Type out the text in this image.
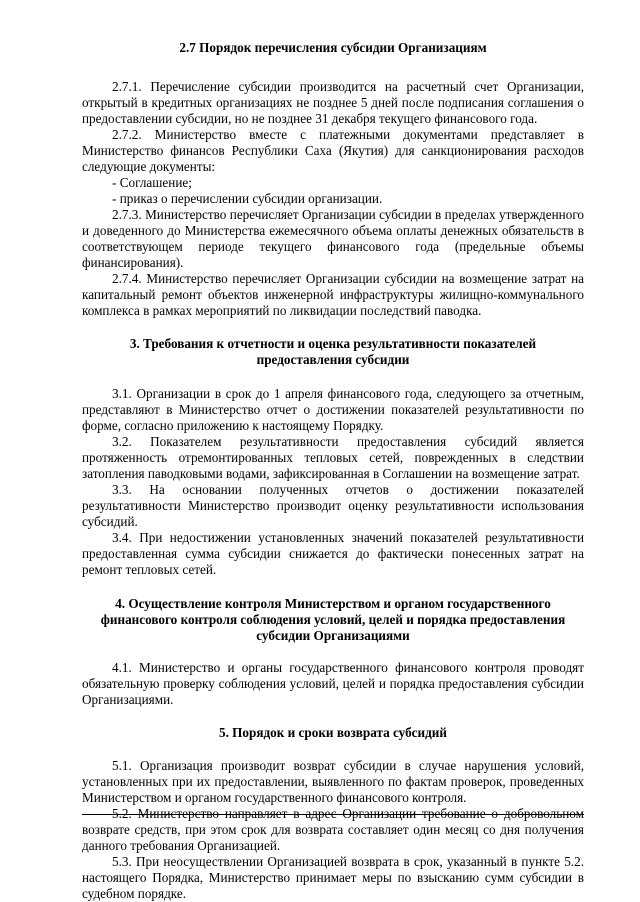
2.7 Порядок перечисления субсидии Организациям

2.7.1. Перечисление субсидии производится на расчетный счет Организации, открытый в кредитных организациях не позднее 5 дней после подписания соглашения о предоставлении субсидии, но не позднее 31 декабря текущего финансового года.

2.7.2. Министерство вместе с платежными документами представляет в Министерство финансов Республики Саха (Якутия) для санкционирования расходов следующие документы:

- Соглашение;

- приказ о перечислении субсидии организации.

2.7.3. Министерство перечисляет Организации субсидии в пределах утвержденного и доведенного до Министерства ежемесячного объема оплаты денежных обязательств в соответствующем периоде текущего финансового года (предельные объемы финансирования).

2.7.4. Министерство перечисляет Организации субсидии на возмещение затрат на капитальный ремонт объектов инженерной инфраструктуры жилищно-коммунального комплекса в рамках мероприятий по ликвидации последствий паводка.

3. Требования к отчетности и оценка результативности показателей
предоставления субсидии

3.1. Организации в срок до 1 апреля финансового года, следующего за отчетным, представляют в Министерство отчет о достижении показателей результативности по форме, согласно приложению к настоящему Порядку.

3.2. Показателем результативности предоставления субсидий является протяженность отремонтированных тепловых сетей, поврежденных в следствии затопления паводковыми водами, зафиксированная в Соглашении на возмещение затрат.

3.3. На основании полученных отчетов о достижении показателей результативности Министерство производит оценку результативности использования субсидий.

3.4. При недостижении установленных значений показателей результативности предоставленная сумма субсидии снижается до фактически понесенных затрат на ремонт тепловых сетей.

4. Осуществление контроля Министерством и органом государственного
финансового контроля соблюдения условий, целей и порядка предоставления
субсидии Организациями

4.1. Министерство и органы государственного финансового контроля проводят обязательную проверку соблюдения условий, целей и порядка предоставления субсидии Организациями.

5. Порядок и сроки возврата субсидий

5.1. Организация производит возврат субсидии в случае нарушения условий, установленных при их предоставлении, выявленного по фактам проверок, проведенных Министерством и органом государственного финансового контроля.

5.2. Министерство направляет в адрес Организации требование о добровольном возврате средств, при этом срок для возврата составляет один месяц со дня получения данного требования Организацией.

5.3. При неосуществлении Организацией возврата в срок, указанный в пункте 5.2. настоящего Порядка, Министерство принимает меры по взысканию сумм субсидии в судебном порядке.
